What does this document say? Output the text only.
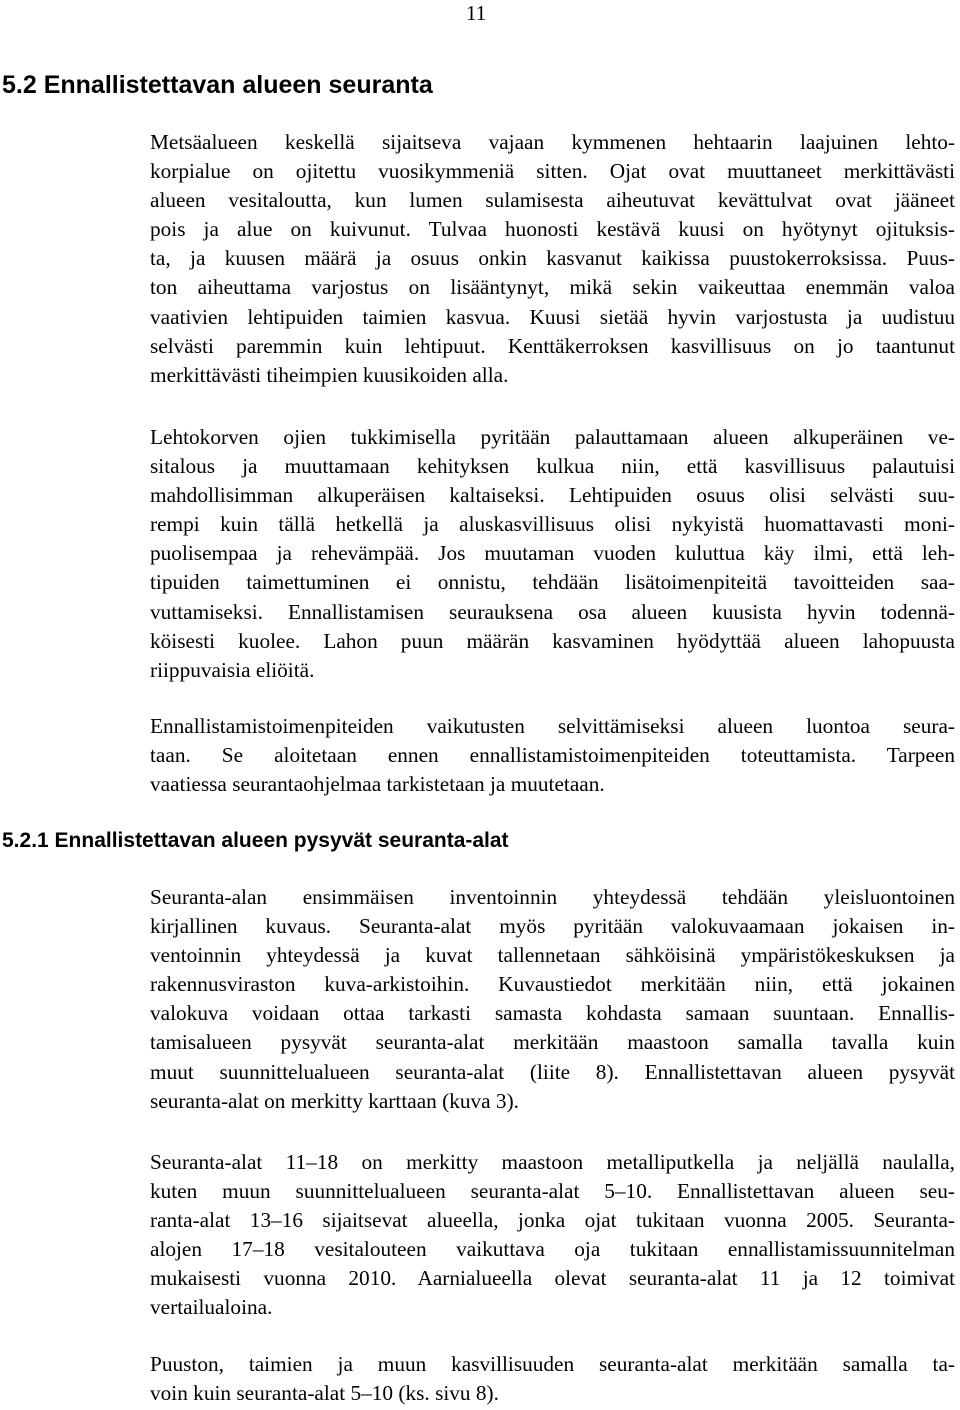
11
5.2 Ennallistettavan alueen seuranta
Metsäalueen keskellä sijaitseva vajaan kymmenen hehtaarin laajuinen lehto-
korpialue on ojitettu vuosikymmeniä sitten. Ojat ovat muuttaneet merkittävästi
alueen vesitaloutta, kun lumen sulamisesta aiheutuvat kevättulvat ovat jääneet
pois ja alue on kuivunut. Tulvaa huonosti kestävä kuusi on hyötynyt ojituksis-
ta, ja kuusen määrä ja osuus onkin kasvanut kaikissa puustokerroksissa. Puus-
ton aiheuttama varjostus on lisääntynyt, mikä sekin vaikeuttaa enemmän valoa
vaativien lehtipuiden taimien kasvua. Kuusi sietää hyvin varjostusta ja uudistuu
selvästi paremmin kuin lehtipuut. Kenttäkerroksen kasvillisuus on jo taantunut
merkittävästi tiheimpien kuusikoiden alla.
Lehtokorven ojien tukkimisella pyritään palauttamaan alueen alkuperäinen ve-
sitalous ja muuttamaan kehityksen kulkua niin, että kasvillisuus palautuisi
mahdollisimman alkuperäisen kaltaiseksi. Lehtipuiden osuus olisi selvästi suu-
rempi kuin tällä hetkellä ja aluskasvillisuus olisi nykyistä huomattavasti moni-
puolisempaa ja rehevämpää. Jos muutaman vuoden kuluttua käy ilmi, että leh-
tipuiden taimettuminen ei onnistu, tehdään lisätoimenpiteitä tavoitteiden saa-
vuttamiseksi. Ennallistamisen seurauksena osa alueen kuusista hyvin todennä-
köisesti kuolee. Lahon puun määrän kasvaminen hyödyttää alueen lahopuusta
riippuvaisia eliöitä.
Ennallistamistoimenpiteiden vaikutusten selvittämiseksi alueen luontoa seura-
taan. Se aloitetaan ennen ennallistamistoimenpiteiden toteuttamista. Tarpeen
vaatiessa seurantaohjelmaa tarkistetaan ja muutetaan.
5.2.1 Ennallistettavan alueen pysyvät seuranta-alat
Seuranta-alan ensimmäisen inventoinnin yhteydessä tehdään yleisluontoinen
kirjallinen kuvaus. Seuranta-alat myös pyritään valokuvaamaan jokaisen in-
ventoinnin yhteydessä ja kuvat tallennetaan sähköisinä ympäristökeskuksen ja
rakennusviraston kuva-arkistoihin. Kuvaustiedot merkitään niin, että jokainen
valokuva voidaan ottaa tarkasti samasta kohdasta samaan suuntaan. Ennallis-
tamisalueen pysyvät seuranta-alat merkitään maastoon samalla tavalla kuin
muut suunnittelualueen seuranta-alat (liite 8). Ennallistettavan alueen pysyvät
seuranta-alat on merkitty karttaan (kuva 3).
Seuranta-alat 11–18 on merkitty maastoon metalliputkella ja neljällä naulalla,
kuten muun suunnittelualueen seuranta-alat 5–10. Ennallistettavan alueen seu-
ranta-alat 13–16 sijaitsevat alueella, jonka ojat tukitaan vuonna 2005. Seuranta-
alojen 17–18 vesitalouteen vaikuttava oja tukitaan ennallistamissuunnitelman
mukaisesti vuonna 2010. Aarnialueella olevat seuranta-alat 11 ja 12 toimivat
vertailualoina.
Puuston, taimien ja muun kasvillisuuden seuranta-alat merkitään samalla ta-
voin kuin seuranta-alat 5–10 (ks. sivu 8).
